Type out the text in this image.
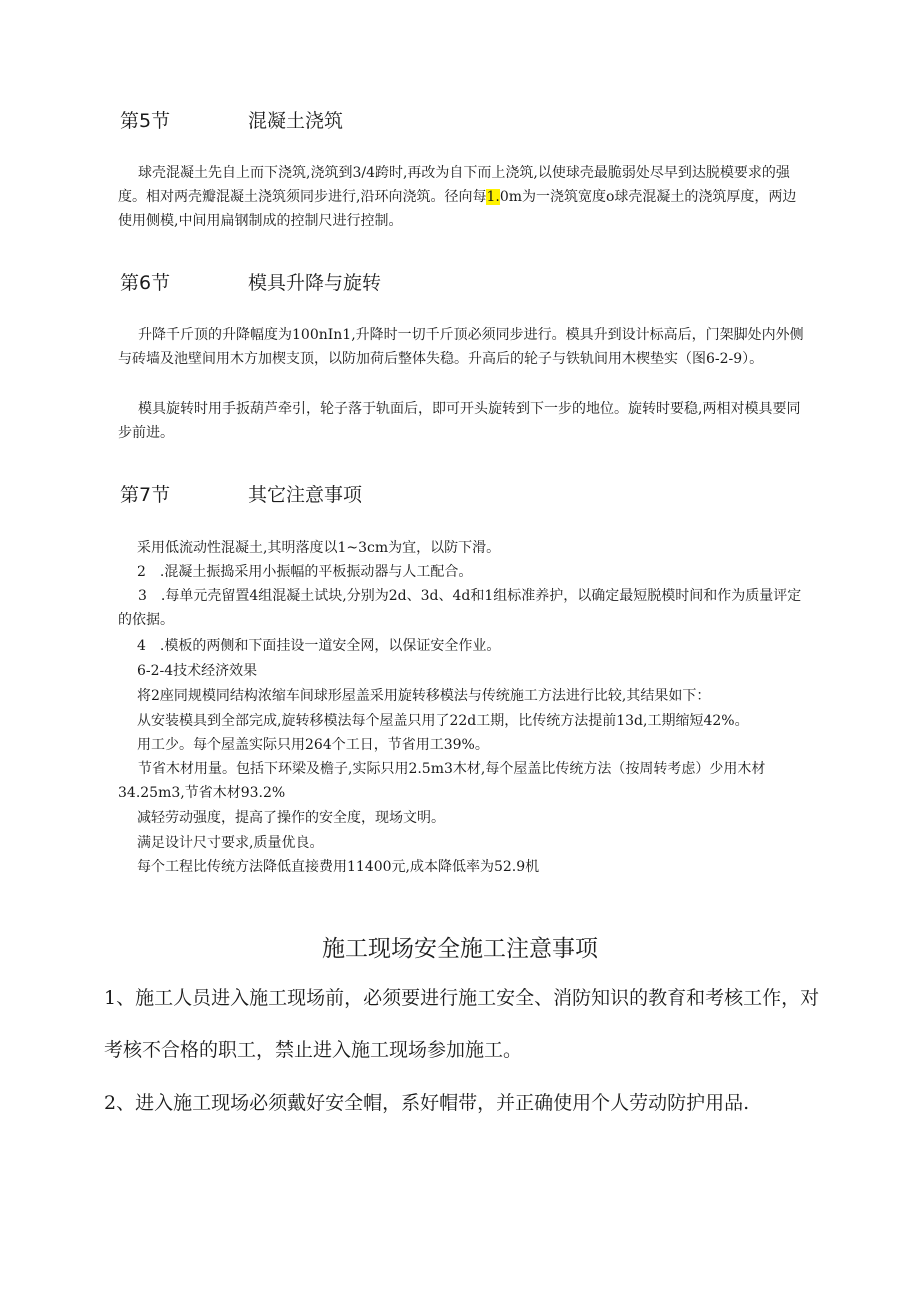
第5节	混凝土浇筑
球壳混凝土先自上而下浇筑,浇筑到3/4跨时,再改为自下而上浇筑,以使球壳最脆弱处尽早到达脱模要求的强度。相对两壳瓣混凝土浇筑须同步进行,沿环向浇筑。径向每1.0m为一浇筑宽度o球壳混凝土的浇筑厚度，两边使用侧模,中间用扁钢制成的控制尺进行控制。
第6节	模具升降与旋转
升降千斤顶的升降幅度为100nIn1,升降时一切千斤顶必须同步进行。模具升到设计标高后，门架脚处内外侧与砖墙及池壁间用木方加楔支顶，以防加荷后整体失稳。升高后的轮子与铁轨间用木楔垫实（图6-2-9）。
模具旋转时用手扳葫芦牵引，轮子落于轨面后，即可开头旋转到下一步的地位。旋转时要稳,两相对模具要同步前进。
第7节	其它注意事项
采用低流动性混凝土,其明落度以1~3cm为宜，以防下滑。
2　.混凝土振捣采用小振幅的平板振动器与人工配合。
3　.每单元壳留置4组混凝土试块,分别为2d、3d、4d和1组标准养护，以确定最短脱模时间和作为质量评定的依据。
4　.模板的两侧和下面挂设一道安全网，以保证安全作业。
6-2-4技术经济效果
将2座同规模同结构浓缩车间球形屋盖采用旋转移模法与传统施工方法进行比较,其结果如下：
从安装模具到全部完成,旋转移模法每个屋盖只用了22d工期，比传统方法提前13d,工期缩短42%。
用工少。每个屋盖实际只用264个工日，节省用工39%。
节省木材用量。包括下环梁及檐子,实际只用2.5m3木材,每个屋盖比传统方法（按周转考虑）少用木材34.25m3,节省木材93.2%
减轻劳动强度，提高了操作的安全度，现场文明。
满足设计尺寸要求,质量优良。
每个工程比传统方法降低直接费用11400元,成本降低率为52.9机
施工现场安全施工注意事项
1、施工人员进入施工现场前，必须要进行施工安全、消防知识的教育和考核工作，对考核不合格的职工，禁止进入施工现场参加施工。
2、进入施工现场必须戴好安全帽，系好帽带，并正确使用个人劳动防护用品.
